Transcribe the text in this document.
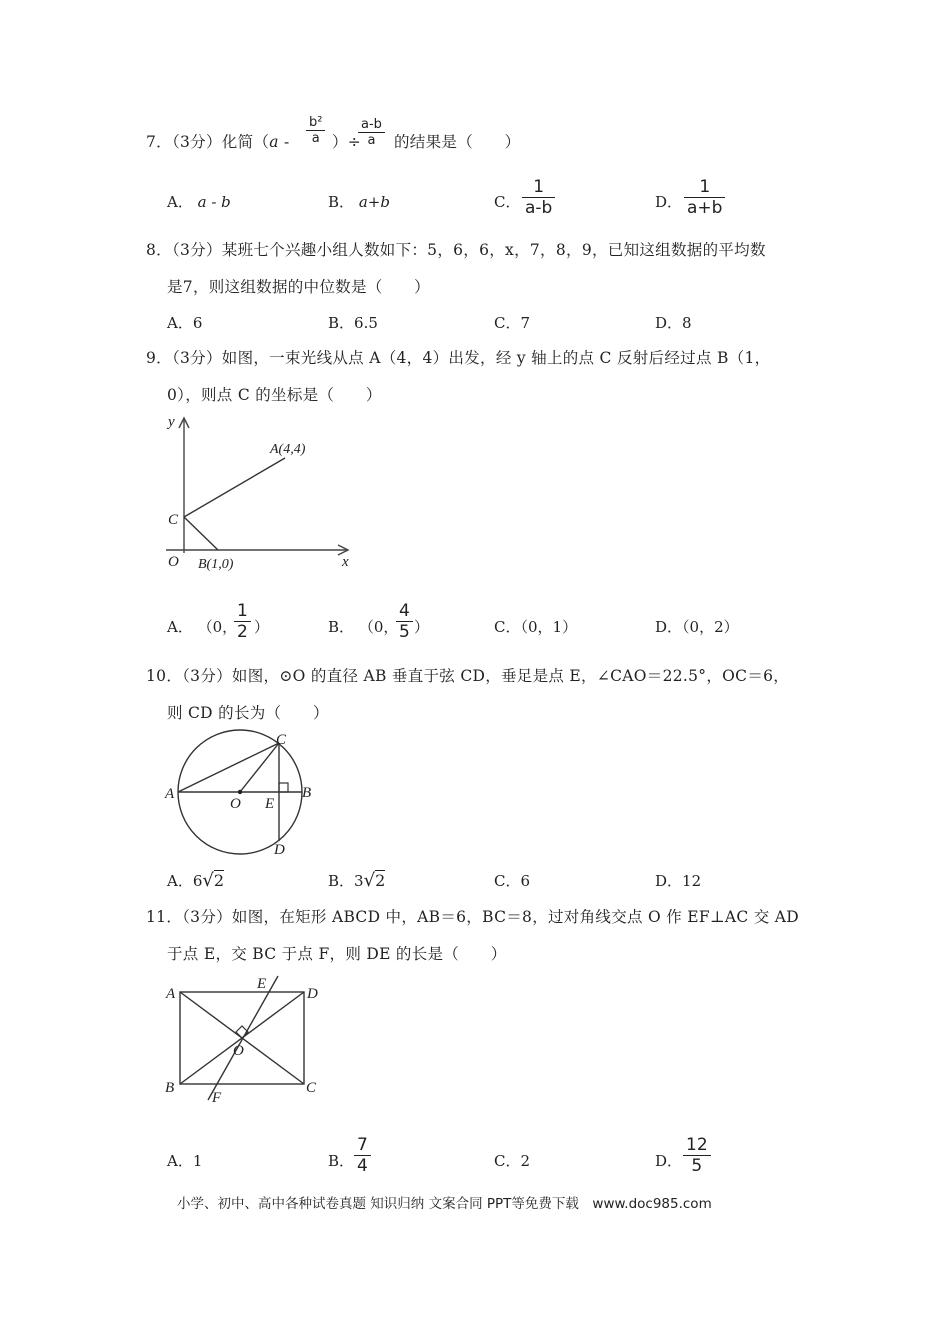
7．（3分）化简（$a - \frac{\text{b²}}{a}$ ）÷
$\frac{a-b}{a}$ 的结果是（　　）
A． a - b	B． a+b	C． $\frac{1}{a-b}$	D． $\frac{1}{a+b}$
8．（3分）某班七个兴趣小组人数如下：5，6，6，x，7，8，9，已知这组数据的平均数
是7，则这组数据的中位数是（　　）
A．6	B．6.5	C．7	D．8
9．（3分）如图，一束光线从点 A（4，4）出发，经 y 轴上的点 C 反射后经过点 B（1，
0），则点 C 的坐标是（　　）
y
x
A(4,4)
C
O B(1,0)
A． （0，
$\frac{1}{2}$ ）	B． （0，
$\frac{4}{5}$ ）	C．（0，1）	D．（0，2）
10．（3分）如图，⊙O 的直径 AB 垂直于弦 CD，垂足是点 E，∠CAO＝22.5°，OC＝6，
则 CD 的长为（　　）
A
O E
B
C
D
A．6√2	B．3√2	C．6	D．12
11．（3分）如图，在矩形 ABCD 中，AB＝6，BC＝8，过对角线交点 O 作 EF⊥AC 交 AD
于点 E，交 BC 于点 F，则 DE 的长是（　　）
A
E
D
O
B
F
C
A．1	B． $\frac{7}{4}$	C．2	D． $\frac{12}{5}$
小学、初中、高中各种试卷真题 知识归纳 文案合同 PPT等免费下载　www.doc985.com
